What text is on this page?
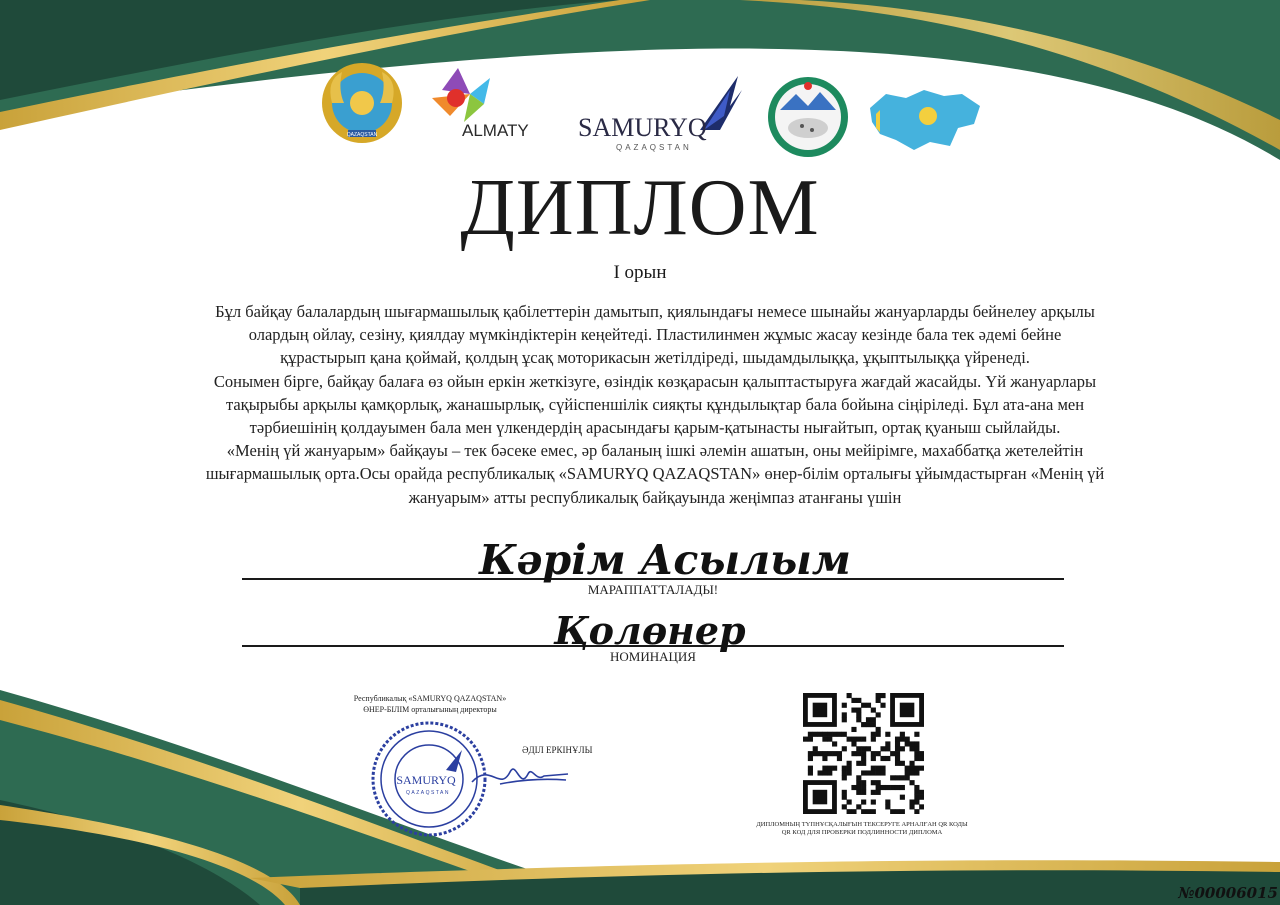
QAZAQSTAN	ALMATY SAMURYQ
QAZAQSTAN
ДИПЛОМ
I орын

Бұл байқау балалардың шығармашылық қабілеттерін дамытып, қиялындағы немесе шынайы жануарларды бейнелеу арқылы

олардың ойлау, сезіну, қиялдау мүмкіндіктерін кеңейтеді. Пластилинмен жұмыс жасау кезінде бала тек әдемі бейне

құрастырып қана қоймай, қолдың ұсақ моторикасын жетілдіреді, шыдамдылыққа, ұқыптылыққа үйренеді.

Сонымен бірге, байқау балаға өз ойын еркін жеткізуге, өзіндік көзқарасын қалыптастыруға жағдай жасайды. Үй жануарлары

тақырыбы арқылы қамқорлық, жанашырлық, сүйіспеншілік сияқты құндылықтар бала бойына сіңіріледі. Бұл ата-ана мен

тәрбиешінің қолдауымен бала мен үлкендердің арасындағы қарым-қатынасты нығайтып, ортақ қуаныш сыйлайды.

«Менің үй жануарым» байқауы – тек бәсеке емес, әр баланың ішкі әлемін ашатын, оны мейірімге, махаббатқа жетелейтін

шығармашылық орта.Осы орайда республикалық «SAMURYQ QAZAQSTAN» өнер-білім орталығы ұйымдастырған «Менің үй

жануарым» атты республикалық байқауында жеңімпаз атанғаны үшін

Кәрім Асылым
МАРАППАТТАЛАДЫ!
Қолөнер
НОМИНАЦИЯ
Республикалық «SAMURYQ QAZAQSTAN»
ӨНЕР-БІЛІМ орталығының директоры
SAMURYQ
QAZAQSTAN
ӘДІЛ ЕРКІНҰЛЫ
ДИПЛОМНЫҢ ТҮПНҰСҚАЛЫҒЫН ТЕКСЕРУГЕ АРНАЛҒАН QR КОДЫ
QR КОД ДЛЯ ПРОВЕРКИ ПОДЛИННОСТИ ДИПЛОМА
№00006015
